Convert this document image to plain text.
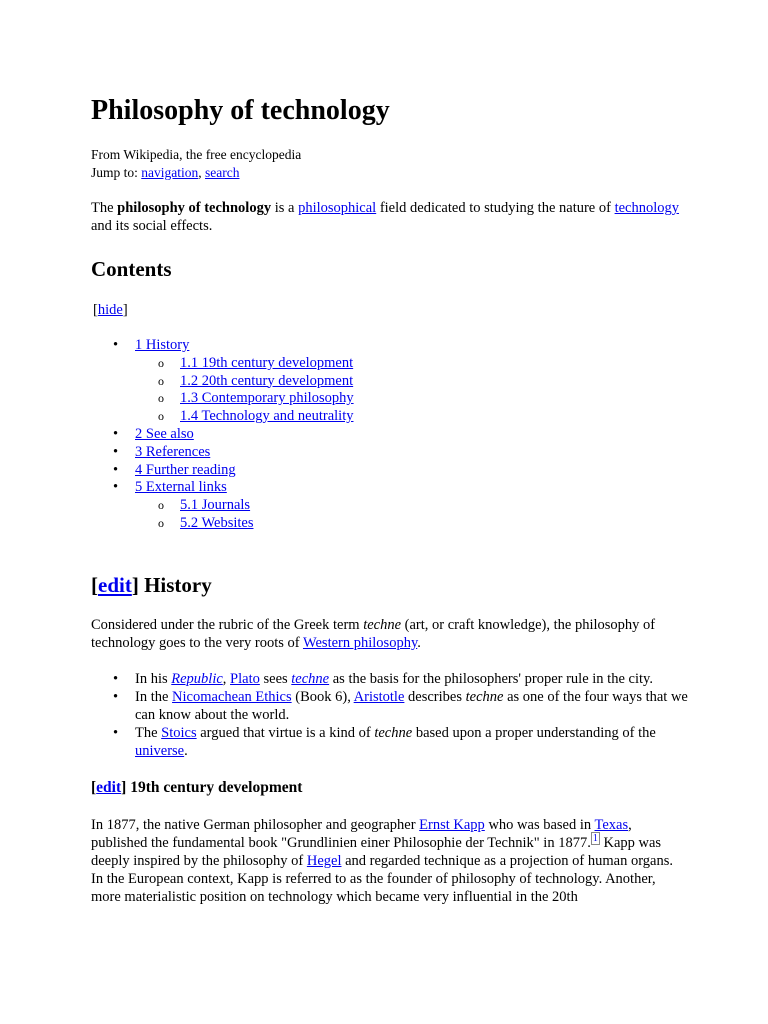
Philosophy of technology
From Wikipedia, the free encyclopedia
Jump to: navigation, search

The philosophy of technology is a philosophical field dedicated to studying the nature of technology and its social effects.

Contents
[hide]
• 1 History
o 1.1 19th century development
o 1.2 20th century development
o 1.3 Contemporary philosophy
o 1.4 Technology and neutrality
• 2 See also
• 3 References
• 4 Further reading
• 5 External links
o 5.1 Journals
o 5.2 Websites
[edit] History

Considered under the rubric of the Greek term techne (art, or craft knowledge), the philosophy of technology goes to the very roots of Western philosophy.

• In his Republic, Plato sees techne as the basis for the philosophers' proper rule in the city.
• In the Nicomachean Ethics (Book 6), Aristotle describes techne as one of the four ways that we can know about the world.
• The Stoics argued that virtue is a kind of techne based upon a proper understanding of the universe.
[edit] 19th century development

In 1877, the native German philosopher and geographer Ernst Kapp who was based in Texas, published the fundamental book "Grundlinien einer Philosophie der Technik" in 1877. $^1$ Kapp was deeply inspired by the philosophy of Hegel and regarded technique as a projection of human organs. In the European context, Kapp is referred to as the founder of philosophy of technology. Another, more materialistic position on technology which became very influential in the 20th
